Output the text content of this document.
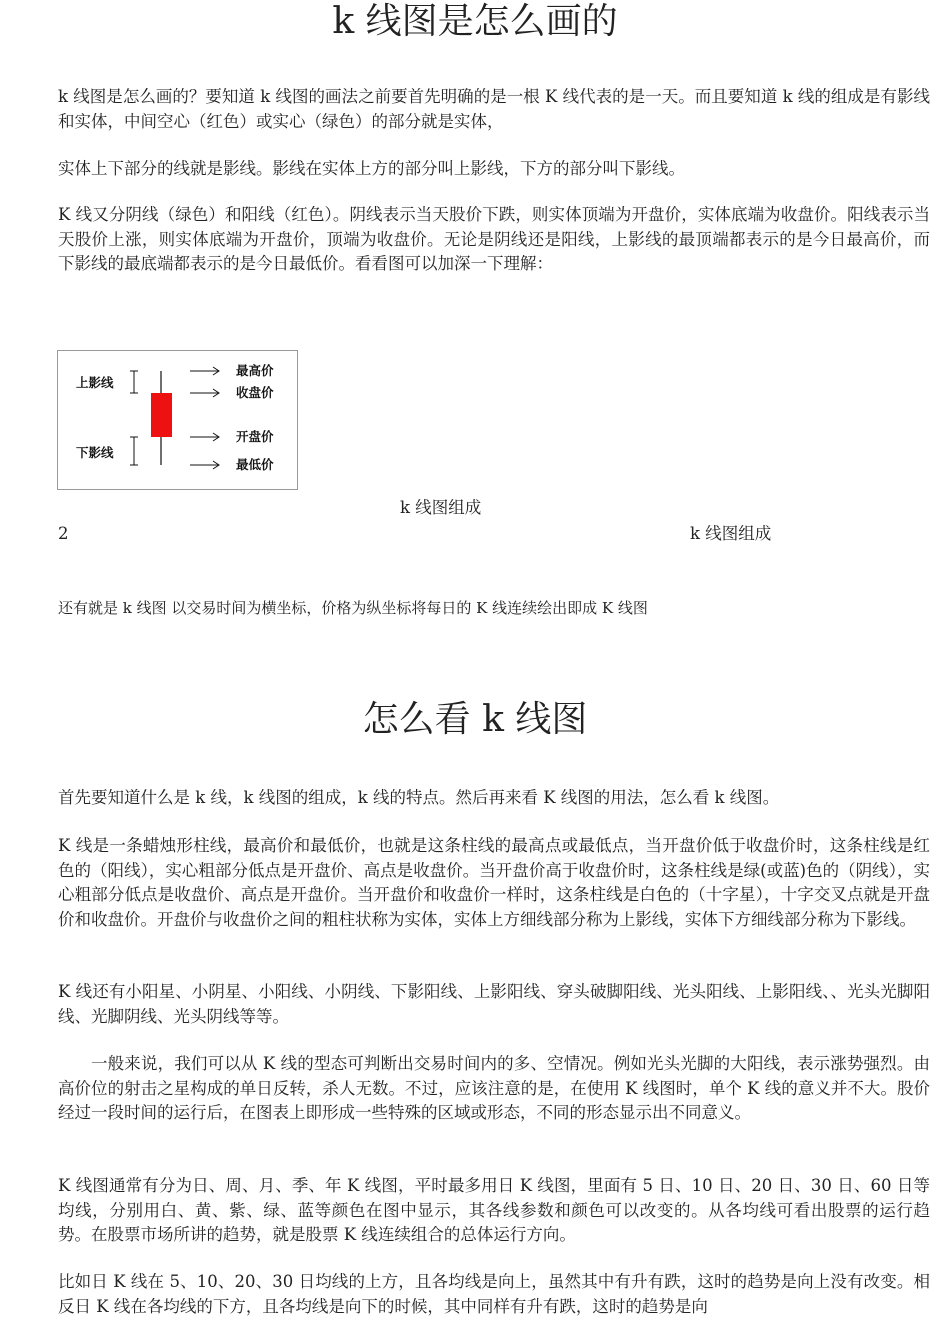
k 线图是怎么画的

k 线图是怎么画的？要知道 k 线图的画法之前要首先明确的是一根 K 线代表的是一天。而且要知道 k 线的组成是有影线和实体，中间空心（红色）或实心（绿色）的部分就是实体，

实体上下部分的线就是影线。影线在实体上方的部分叫上影线，下方的部分叫下影线。

K 线又分阴线（绿色）和阳线（红色）。阴线表示当天股价下跌，则实体顶端为开盘价，实体底端为收盘价。阳线表示当天股价上涨，则实体底端为开盘价，顶端为收盘价。无论是阴线还是阳线，上影线的最顶端都表示的是今日最高价，而下影线的最底端都表示的是今日最低价。看看图可以加深一下理解：

上影线
下影线
最高价
收盘价
开盘价
最低价

k 线图组成

2	k 线图组成

还有就是 k 线图 以交易时间为横坐标，价格为纵坐标将每日的 K 线连续绘出即成 K 线图

怎么看 k 线图

首先要知道什么是 k 线，k 线图的组成，k 线的特点。然后再来看 K 线图的用法，怎么看 k 线图。

K 线是一条蜡烛形柱线，最高价和最低价，也就是这条柱线的最高点或最低点，当开盘价低于收盘价时，这条柱线是红色的（阳线），实心粗部分低点是开盘价、高点是收盘价。当开盘价高于收盘价时，这条柱线是绿(或蓝)色的（阴线），实心粗部分低点是收盘价、高点是开盘价。当开盘价和收盘价一样时，这条柱线是白色的（十字星），十字交叉点就是开盘价和收盘价。开盘价与收盘价之间的粗柱状称为实体，实体上方细线部分称为上影线，实体下方细线部分称为下影线。

K 线还有小阳星、小阴星、小阳线、小阴线、下影阳线、上影阳线、穿头破脚阳线、光头阳线、上影阳线、、光头光脚阳线、光脚阴线、光头阴线等等。

一般来说，我们可以从 K 线的型态可判断出交易时间内的多、空情况。例如光头光脚的大阳线，表示涨势强烈。由高价位的射击之星构成的单日反转，杀人无数。不过，应该注意的是，在使用 K 线图时，单个 K 线的意义并不大。股价经过一段时间的运行后，在图表上即形成一些特殊的区域或形态，不同的形态显示出不同意义。

K 线图通常有分为日、周、月、季、年 K 线图，平时最多用日 K 线图，里面有 5 日、10 日、20 日、30 日、60 日等均线，分别用白、黄、紫、绿、蓝等颜色在图中显示，其各线参数和颜色可以改变的。从各均线可看出股票的运行趋势。在股票市场所讲的趋势，就是股票 K 线连续组合的总体运行方向。

比如日 K 线在 5、10、20、30 日均线的上方，且各均线是向上，虽然其中有升有跌，这时的趋势是向上没有改变。相反日 K 线在各均线的下方，且各均线是向下的时候，其中同样有升有跌，这时的趋势是向
